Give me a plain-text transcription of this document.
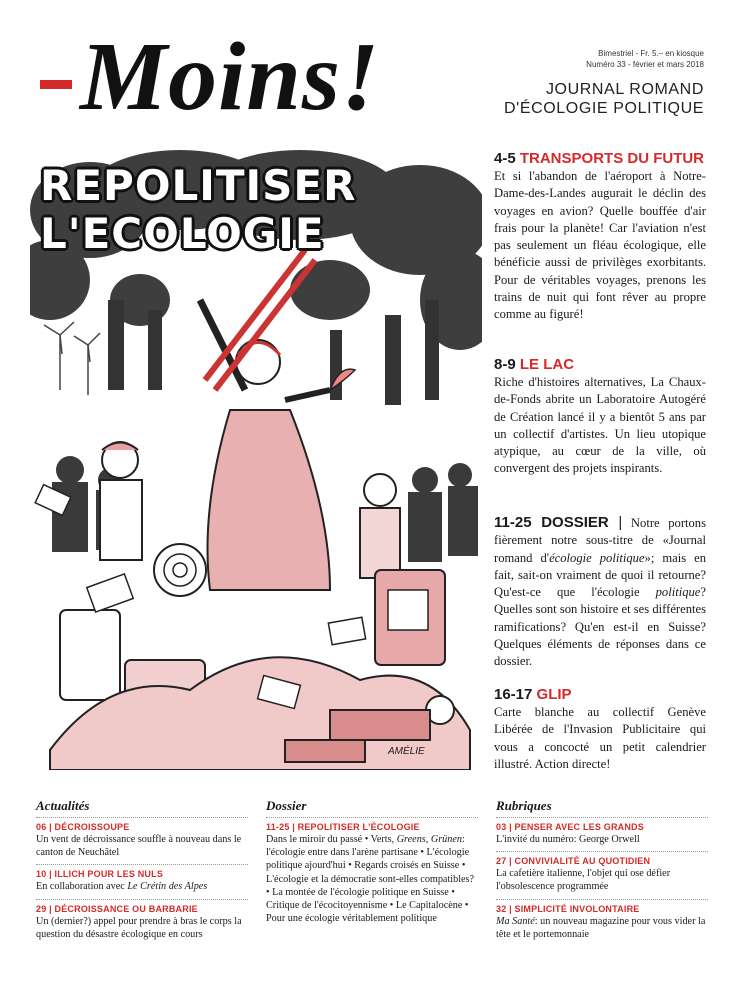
Moins!	Bimestriel - Fr. 5.– en kiosque
Numéro 33 - février et mars 2018
JOURNAL ROMAND
D'ÉCOLOGIE POLITIQUE
REPOLITISER
L'ECOLOGIE
AMÉLIE
4-5 TRANSPORTS DU FUTUR
Et si l'abandon de l'aéroport à Notre-Dame-des-Landes augurait le déclin des voyages en avion? Quelle bouffée d'air frais pour la planète! Car l'aviation n'est pas seulement un fléau écologique, elle bénéficie aussi de privilèges exorbitants. Pour de véritables voyages, prenons les trains de nuit qui font rêver au propre comme au figuré!
8-9 LE LAC
Riche d'histoires alternatives, La Chaux-de-Fonds abrite un Laboratoire Autogéré de Création lancé il y a bientôt 5 ans par un collectif d'artistes. Un lieu utopique atypique, au cœur de la ville, où convergent des projets inspirants.
11-25 DOSSIER | Notre portons fièrement notre sous-titre de «Journal romand d'écologie politique»; mais en fait, sait-on vraiment de quoi il retourne? Qu'est-ce que l'écologie politique? Quelles sont son histoire et ses différentes ramifications? Qu'en est-il en Suisse? Quelques éléments de réponses dans ce dossier.
16-17 GLIP
Carte blanche au collectif Genève Libérée de l'Invasion Publicitaire qui vous a concocté un petit calendrier illustré. Action directe!
Actualités
06 | DÉCROISSOUPE
Un vent de décroissance souffle à nouveau dans le canton de Neuchâtel
10 | ILLICH POUR LES NULS
En collaboration avec Le Crétin des Alpes
29 | DÉCROISSANCE OU BARBARIE
Un (dernier?) appel pour prendre à bras le corps la question du désastre écologique en cours
Dossier
11-25 | REPOLITISER L'ÉCOLOGIE
Dans le miroir du passé • Verts, Greens, Grünen: l'écologie entre dans l'arène partisane • L'écologie politique ajourd'hui • Regards croisés en Suisse • L'écologie et la démocratie sont-elles compatibles? • La montée de l'écologie politique en Suisse • Critique de l'écocitoyennisme • Le Capitalocène • Pour une écologie véritablement politique
Rubriques
03 | PENSER AVEC LES GRANDS
L'invité du numéro: George Orwell
27 | CONVIVIALITÉ AU QUOTIDIEN
La cafetière italienne, l'objet qui ose défier l'obsolescence programmée
32 | SIMPLICITÉ INVOLONTAIRE
Ma Santé: un nouveau magazine pour vous vider la tête et le portemonnaie
